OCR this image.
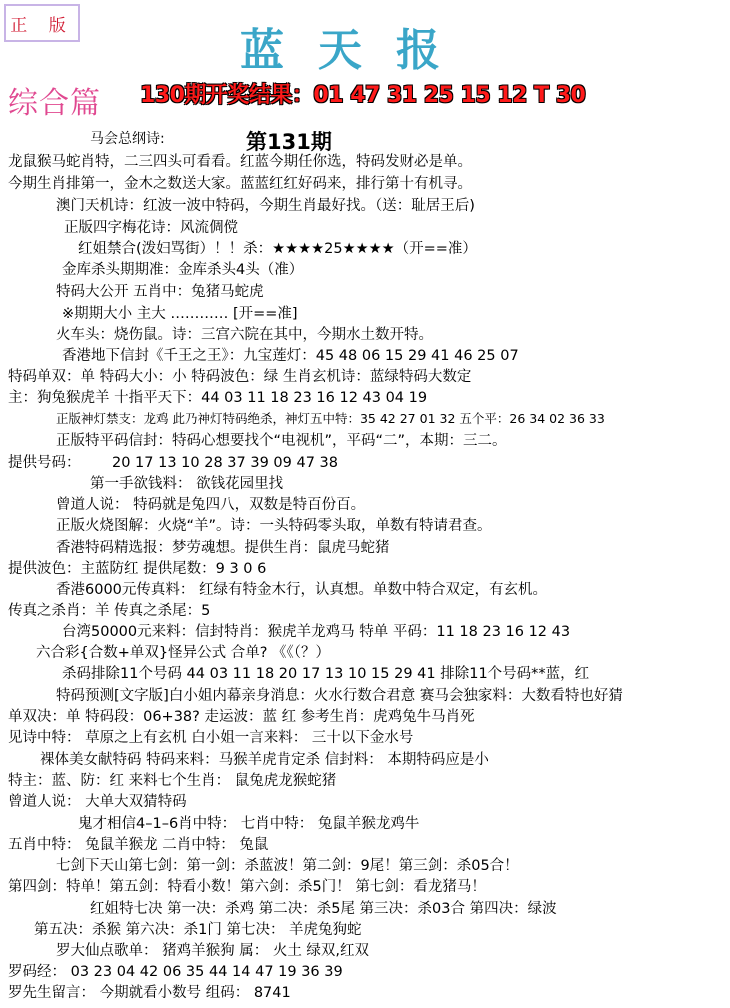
正 版	蓝天报
综合篇 130期开奖结果：01 47 31 25 15 12 T 30
第131期
马会总纲诗:
龙鼠猴马蛇肖特，二三四头可看看。红蓝今期任你选，特码发财必是单。
今期生肖排第一，金木之数送大家。蓝蓝红红好码来，排行第十有机寻。
澳门天机诗：红波一波中特码，今期生肖最好找。（送：耻居王后)
正版四字梅花诗：风流倜傥
红姐禁合(泼妇骂街）！！杀：★★★★25★★★★（开==准）
金库杀头期期准：金库杀头4头（准）
特码大公开 五肖中：兔猪马蛇虎
※期期大小 主大 ………… [开==准]
火车头：烧伤鼠。诗：三宫六院在其中，今期水土数开特。
香港地下信封《千王之王》：九宝莲灯：45 48 06 15 29 41 46 25 07
特码单双：单 特码大小：小 特码波色：绿 生肖玄机诗：蓝绿特码大数定
主：狗兔猴虎羊 十指平天下：44 03 11 18 23 16 12 43 04 19
正版神灯禁支：龙鸡 此乃神灯特码绝杀，神灯五中特：35 42 27 01 32 五个平：26 34 02 36 33
正版特平码信封：特码心想要找个“电视机”，平码“二”，本期：三二。
提供号码： 20 17 13 10 28 37 39 09 47 38
第一手欲钱料： 欲钱花园里找
曾道人说： 特码就是兔四八，双数是特百份百。
正版火烧图解：火烧“羊”。诗：一头特码零头取，单数有特请君查。
香港特码精选报：梦劳魂想。提供生肖：鼠虎马蛇猪
提供波色：主蓝防红 提供尾数：9 3 0 6
香港6000元传真料： 红绿有特金木行，认真想。单数中特合双定，有玄机。
传真之杀肖：羊 传真之杀尾：5
台湾50000元来料：信封特肖：猴虎羊龙鸡马 特单 平码：11 18 23 16 12 43
六合彩{合数+单双}怪异公式 合单? 《《（？）
杀码排除11个号码 44 03 11 18 20 17 13 10 15 29 41 排除11个号码**蓝，红
特码预测[文字版]白小姐内幕亲身消息：火水行数合君意 赛马会独家料：大数看特也好猜
单双决：单 特码段：06+38? 走运波：蓝 红 参考生肖：虎鸡兔牛马肖死
见诗中特： 草原之上有玄机 白小姐一言来料： 三十以下金水号
裸体美女献特码 特码来料：马猴羊虎肯定杀 信封料： 本期特码应是小
特主：蓝、防：红 来料七个生肖： 鼠兔虎龙猴蛇猪
曾道人说： 大单大双猜特码
鬼才相信4–1–6肖中特： 七肖中特： 兔鼠羊猴龙鸡牛
五肖中特： 兔鼠羊猴龙 二肖中特： 兔鼠
七剑下天山第七剑：第一剑：杀蓝波！第二剑：9尾！第三剑：杀05合！
第四剑：特单！第五剑：特看小数！第六剑：杀5门！ 第七剑：看龙猪马！
红姐特七决 第一决：杀鸡 第二决：杀5尾 第三决：杀03合 第四决：绿波
第五决：杀猴 第六决：杀1门 第七决： 羊虎兔狗蛇
罗大仙点歌单： 猪鸡羊猴狗 属： 火土 绿双,红双
罗码经： 03 23 04 42 06 35 44 14 47 19 36 39
罗先生留言： 今期就看小数号 组码： 8741
